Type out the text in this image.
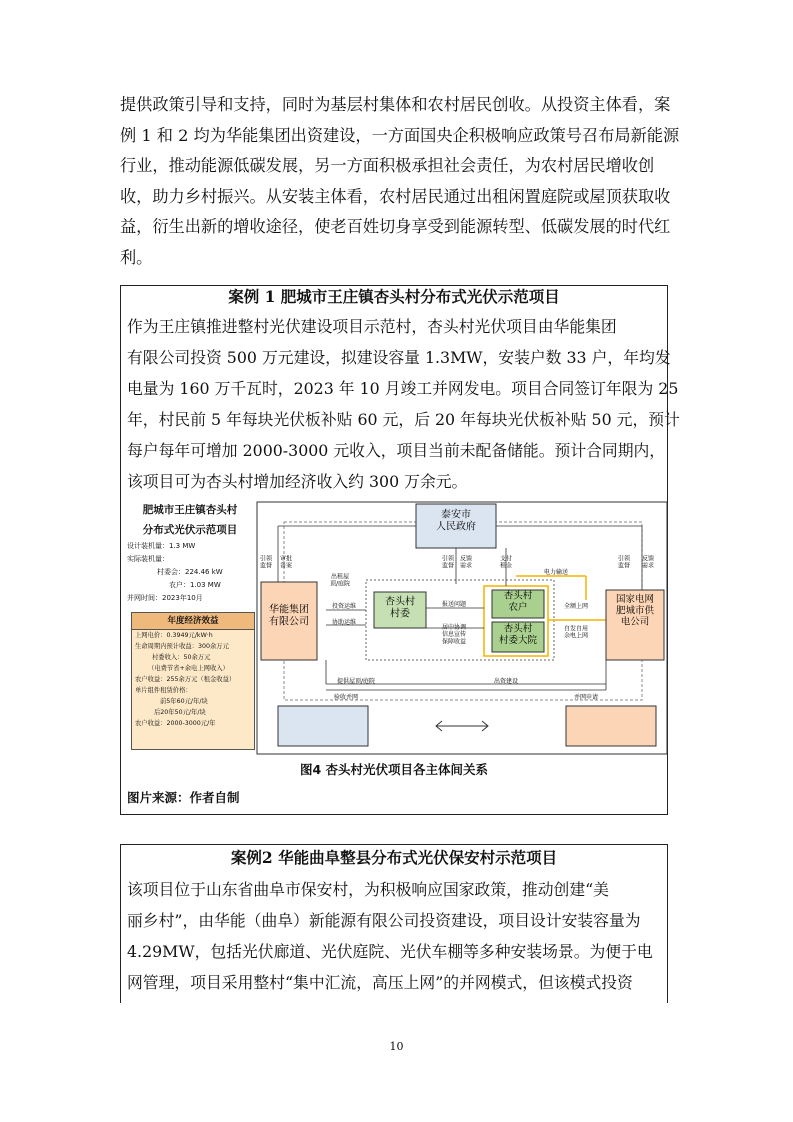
提供政策引导和支持，同时为基层村集体和农村居民创收。从投资主体看，案
例 1 和 2 均为华能集团出资建设，一方面国央企积极响应政策号召布局新能源
行业，推动能源低碳发展，另一方面积极承担社会责任，为农村居民增收创
收，助力乡村振兴。从安装主体看，农村居民通过出租闲置庭院或屋顶获取收
益，衍生出新的增收途径，使老百姓切身享受到能源转型、低碳发展的时代红
利。
案例 1 肥城市王庄镇杏头村分布式光伏示范项目
作为王庄镇推进整村光伏建设项目示范村，杏头村光伏项目由华能集团
有限公司投资 500 万元建设，拟建设容量 1.3MW，安装户数 33 户，年均发
电量为 160 万千瓦时，2023 年 10 月竣工并网发电。项目合同签订年限为 25
年，村民前 5 年每块光伏板补贴 60 元，后 20 年每块光伏板补贴 50 元，预计
每户每年可增加 2000-3000 元收入，项目当前未配备储能。预计合同期内，
该项目可为杏头村增加经济收入约 300 万余元。
图4 杏头村光伏项目各主体间关系
图片来源：作者自制
肥城市王庄镇杏头村
分布式光伏示范项目
设计装机量：1.3 MW
实际装机量：
村委会：224.46 kW
农户：1.03 MW
并网时间：2023年10月
年度经济效益
上网电价：0.3949元/kW·h
生命周期内预计收益：300余万元
村委收入：50余万元
（电费节省+余电上网收入）
农户收益：255余万元（租金收益）
单片组件租赁价格：
前5年60元/年/块
后20年50元/年/块
农户收益：2000-3000元/年
泰安市人民政府
华能集团有限公司
杏头村村委
杏头村农户
杏头村村委大院
国家电网肥城市供电公司
引领监督
审批备案
引领监督
反馈需求
支付租金
电力输送
引领监督
反馈需求
出租屋顶/庭院
投资运维
协助运维
报送问题
居中协调信息宣传保障收益
全额上网
自发自用余电上网
提供屋顶/庭院	出资建设
验收并网	并网申请
案例2 华能曲阜整县分布式光伏保安村示范项目
该项目位于山东省曲阜市保安村，为积极响应国家政策，推动创建“美
丽乡村”，由华能（曲阜）新能源有限公司投资建设，项目设计安装容量为
4.29MW，包括光伏廊道、光伏庭院、光伏车棚等多种安装场景。为便于电
网管理，项目采用整村“集中汇流，高压上网”的并网模式，但该模式投资
10
